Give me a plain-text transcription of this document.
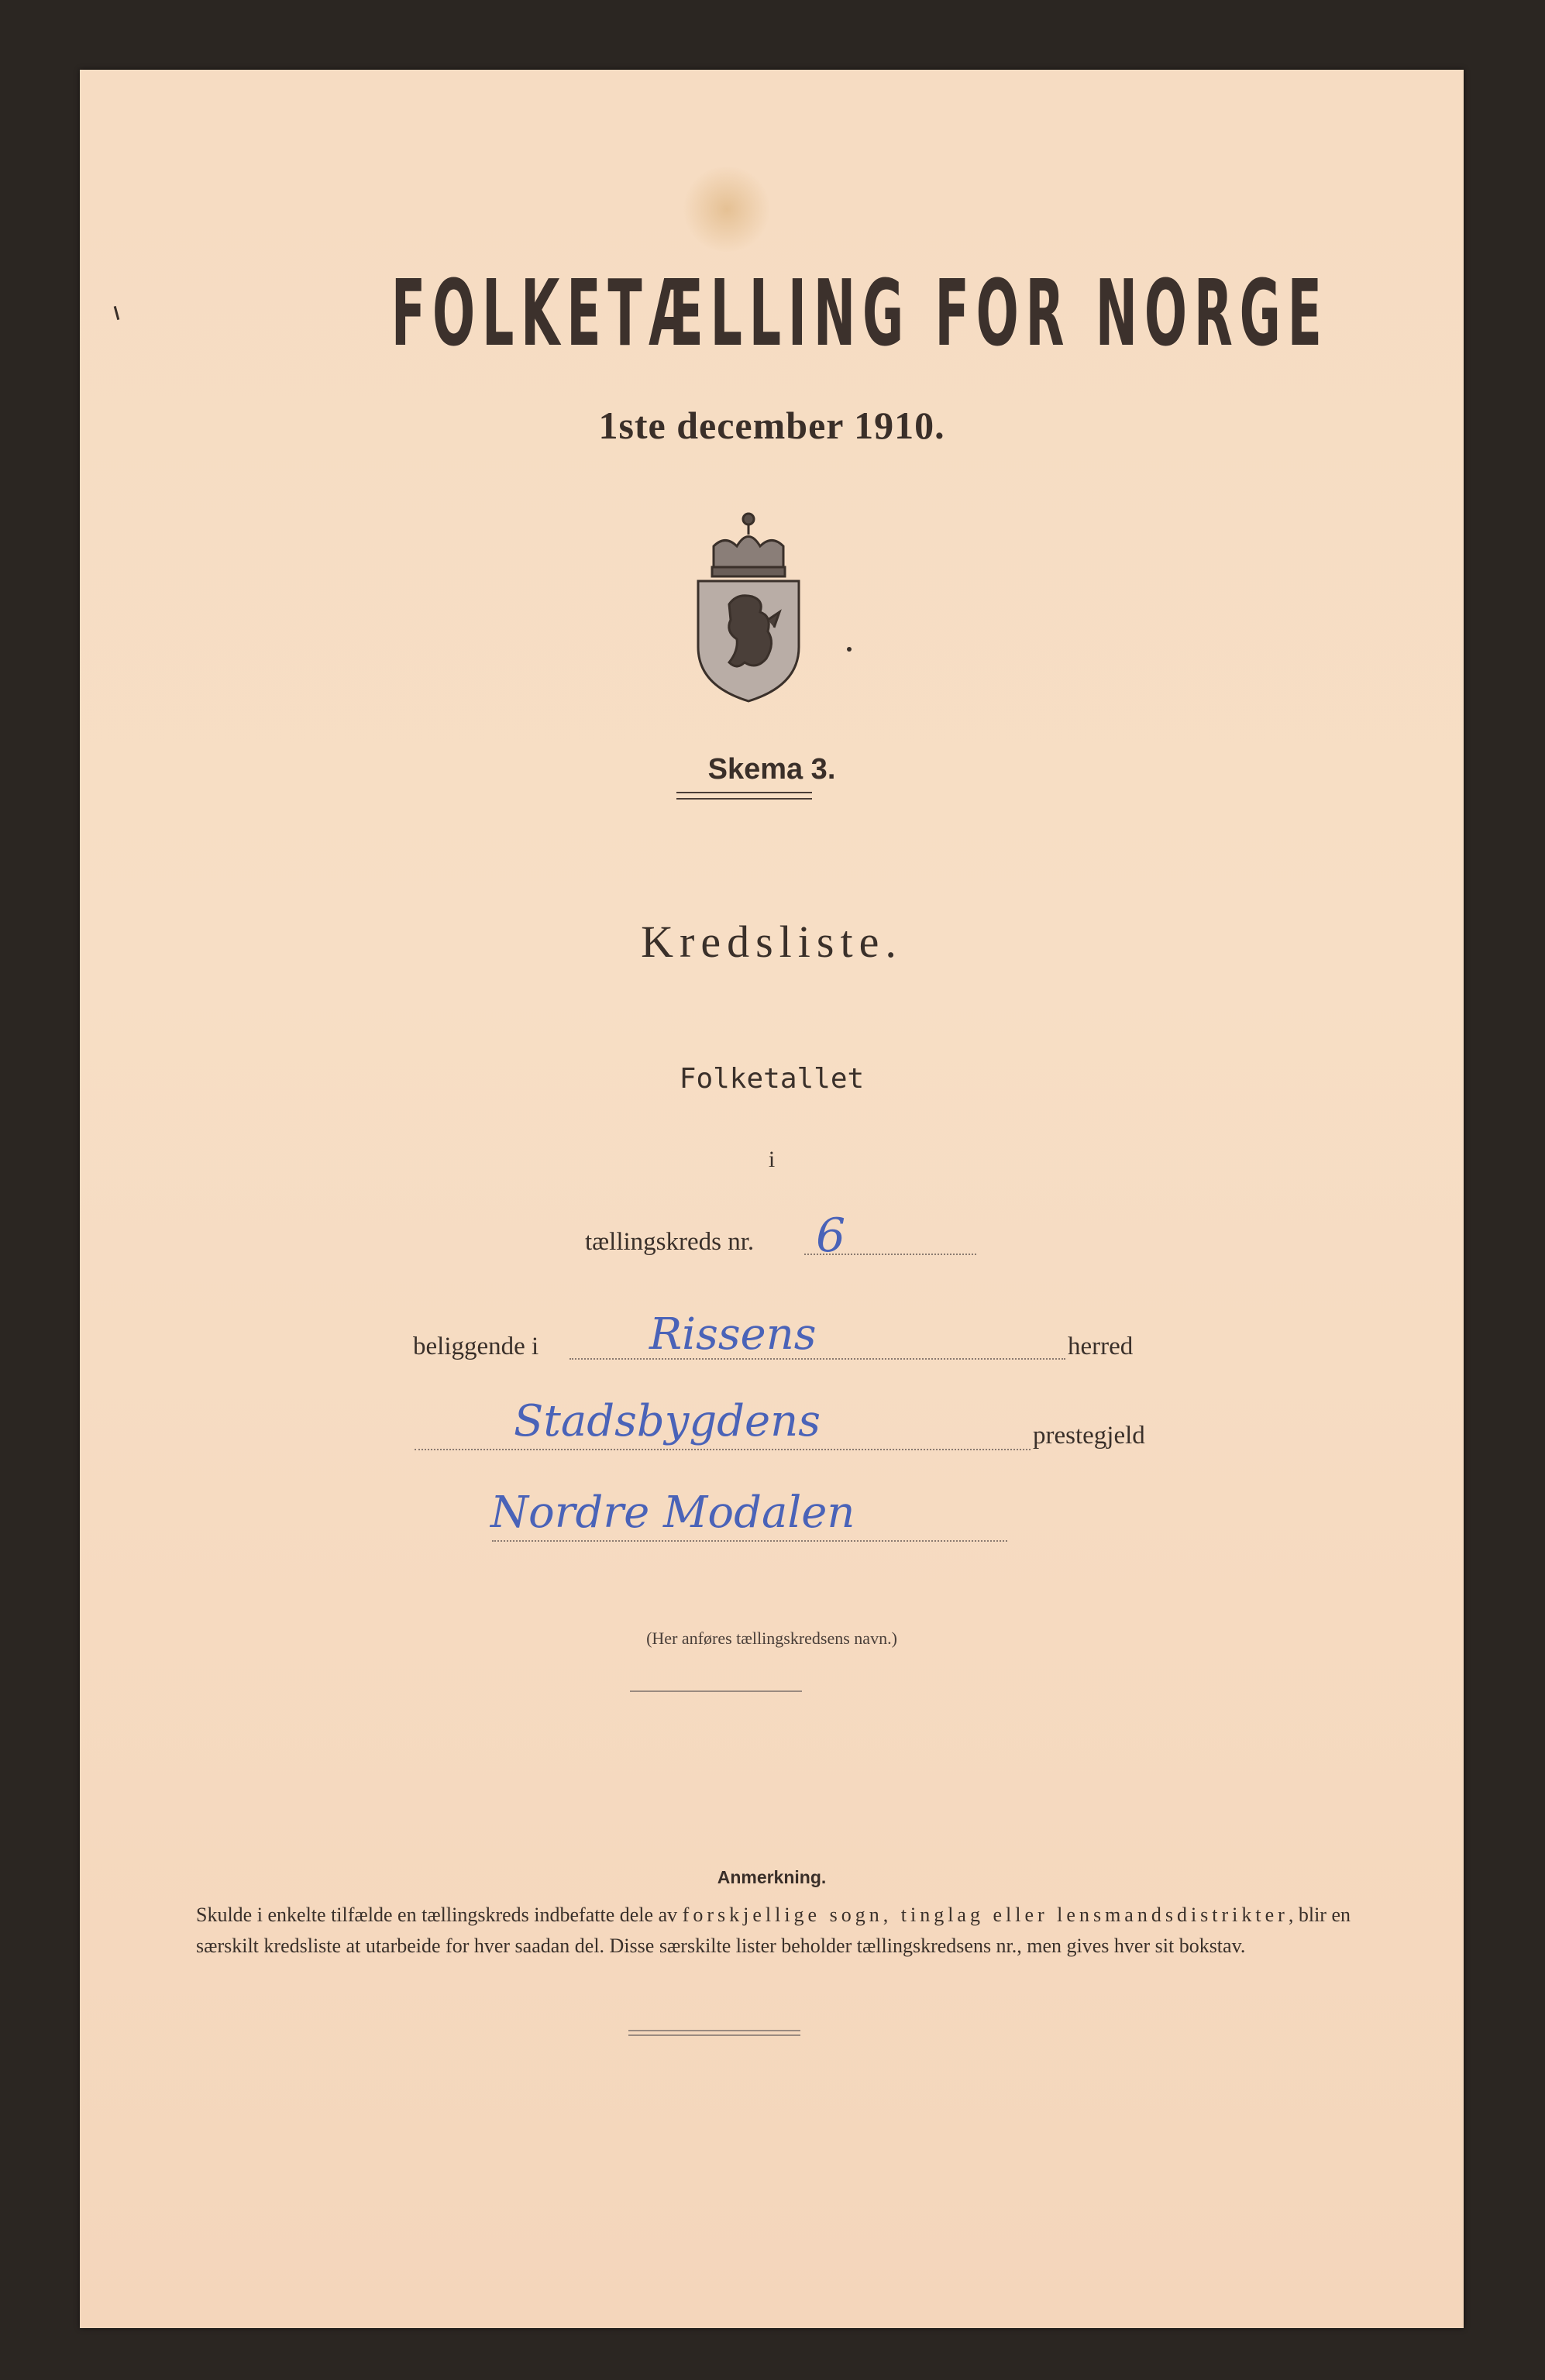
FOLKETÆLLING FOR NORGE
1ste december 1910.
Skema 3.
Kredsliste.
Folketallet
i
tællingskreds nr. 6
beliggende i	Rissens	herred
Stadsbygdens	prestegjeld
Nordre Modalen
(Her anføres tællingskredsens navn.)
Anmerkning.
Skulde i enkelte tilfælde en tællingskreds indbefatte dele av forskjellige sogn, tinglag eller lensmandsdistrikter, blir en særskilt kredsliste at utarbeide for hver saadan del. Disse særskilte lister beholder tællingskredsens nr., men gives hver sit bokstav.
